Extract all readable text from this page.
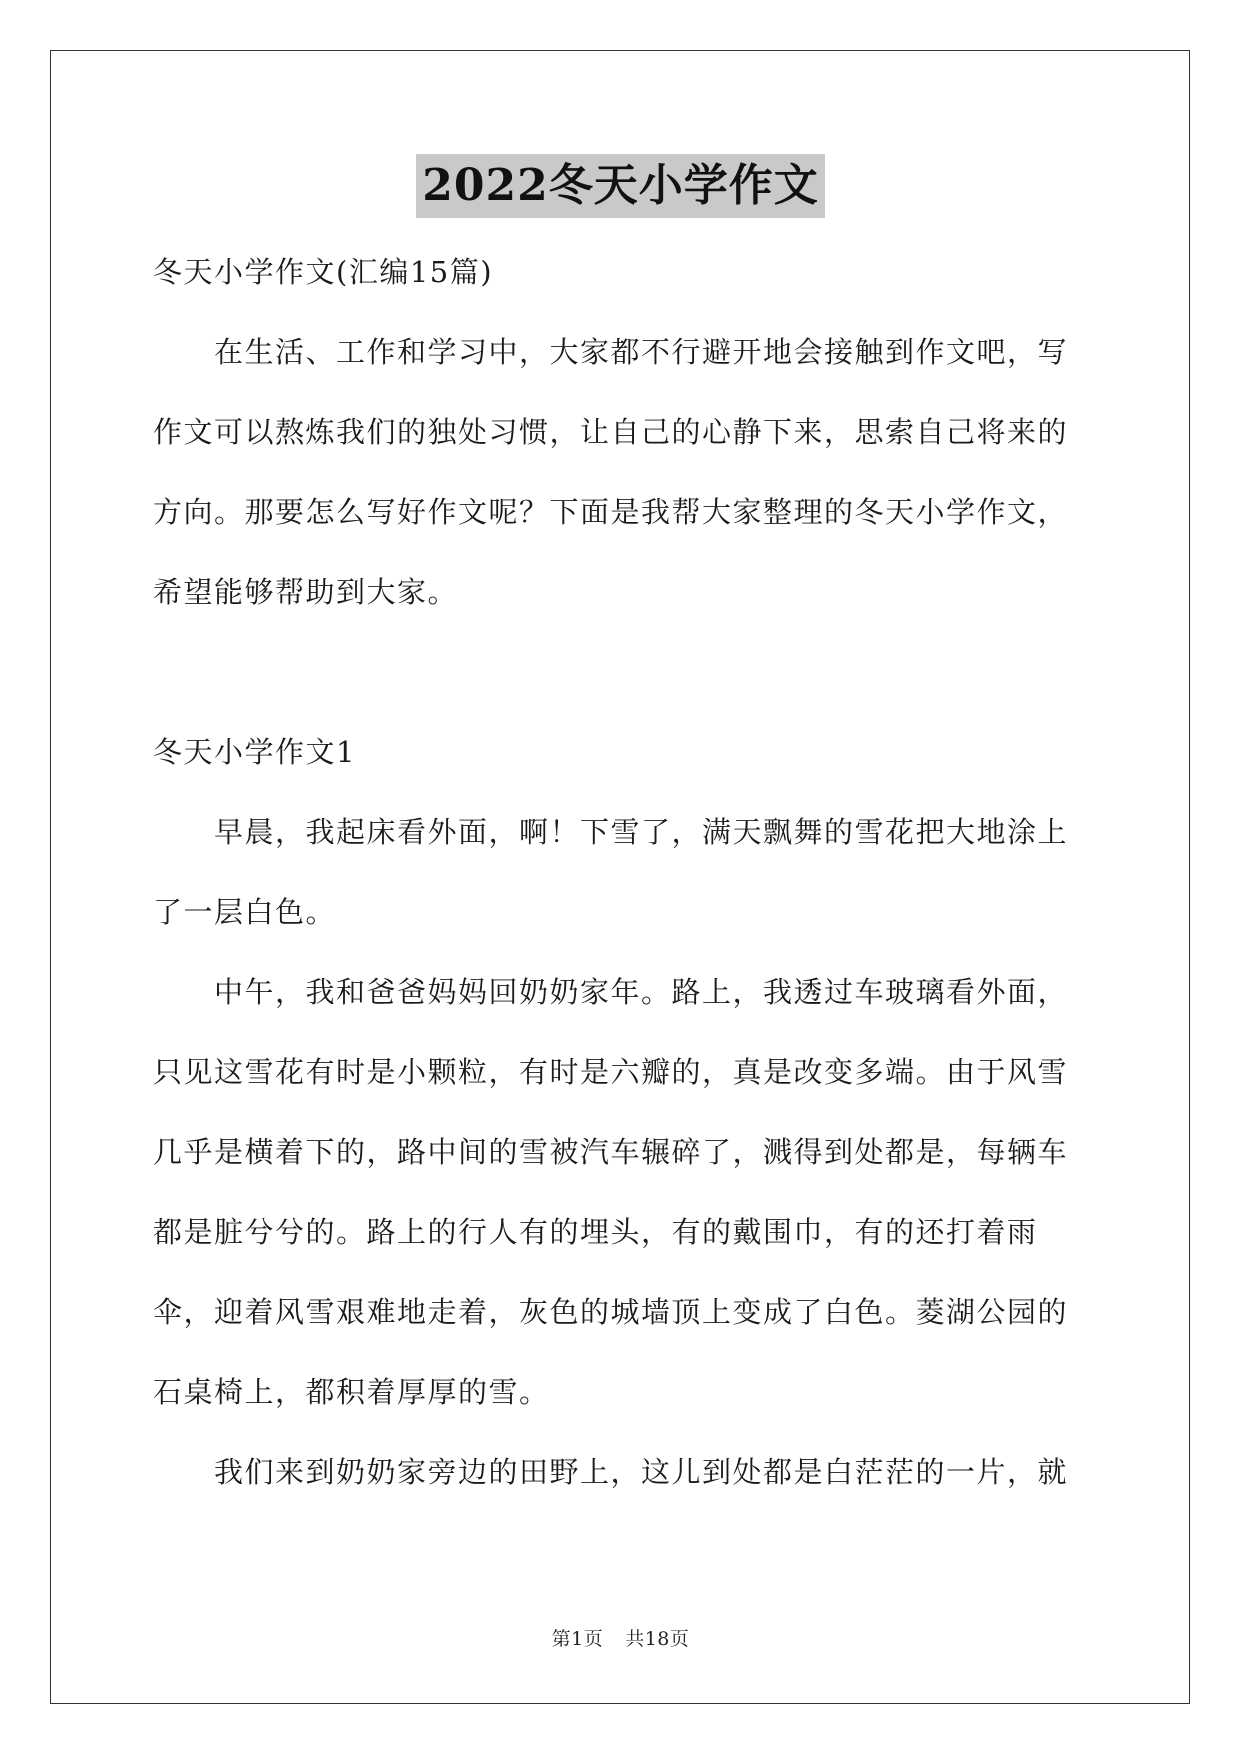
2022冬天小学作文

冬天小学作文(汇编15篇)

在生活、工作和学习中，大家都不行避开地会接触到作文吧，写作文可以熬炼我们的独处习惯，让自己的心静下来，思索自己将来的方向。那要怎么写好作文呢？下面是我帮大家整理的冬天小学作文，希望能够帮助到大家。

冬天小学作文1

早晨，我起床看外面，啊！下雪了，满天飘舞的雪花把大地涂上了一层白色。

中午，我和爸爸妈妈回奶奶家年。路上，我透过车玻璃看外面，只见这雪花有时是小颗粒，有时是六瓣的，真是改变多端。由于风雪几乎是横着下的，路中间的雪被汽车辗碎了，溅得到处都是，每辆车都是脏兮兮的。路上的行人有的埋头，有的戴围巾，有的还打着雨伞，迎着风雪艰难地走着，灰色的城墙顶上变成了白色。菱湖公园的石桌椅上，都积着厚厚的雪。

我们来到奶奶家旁边的田野上，这儿到处都是白茫茫的一片，就

第1页 共18页
